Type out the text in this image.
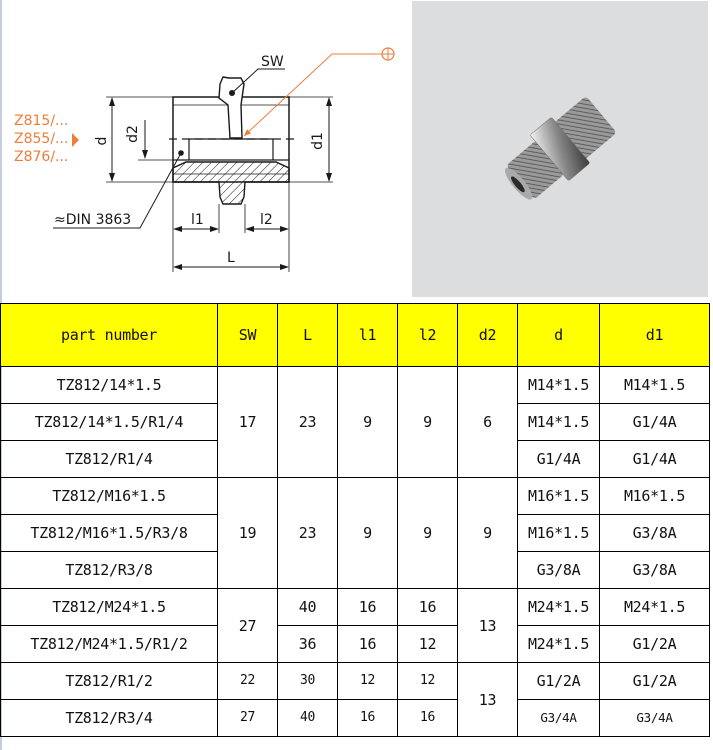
SW
Z815/...
Z855/...
Z876/...
d d2	d1
≈DIN 3863	l1	l2
L
part number	SW	L	l1	l2	d2	d	d1
TZ812/14*1.5	17	23	9	9	6	M14*1.5	M14*1.5
TZ812/14*1.5/R1/4						M14*1.5	G1/4A
TZ812/R1/4						G1/4A	G1/4A
TZ812/M16*1.5	19	23	9	9	9	M16*1.5	M16*1.5
TZ812/M16*1.5/R3/8						M16*1.5	G3/8A
TZ812/R3/8						G3/8A	G3/8A
TZ812/M24*1.5	27	40	16	16	13	M24*1.5	M24*1.5
TZ812/M24*1.5/R1/2		36	16	12		M24*1.5	G1/2A
TZ812/R1/2	22	30	12	12	13	G1/2A	G1/2A
TZ812/R3/4	27	40	16	16		G3/4A	G3/4A
